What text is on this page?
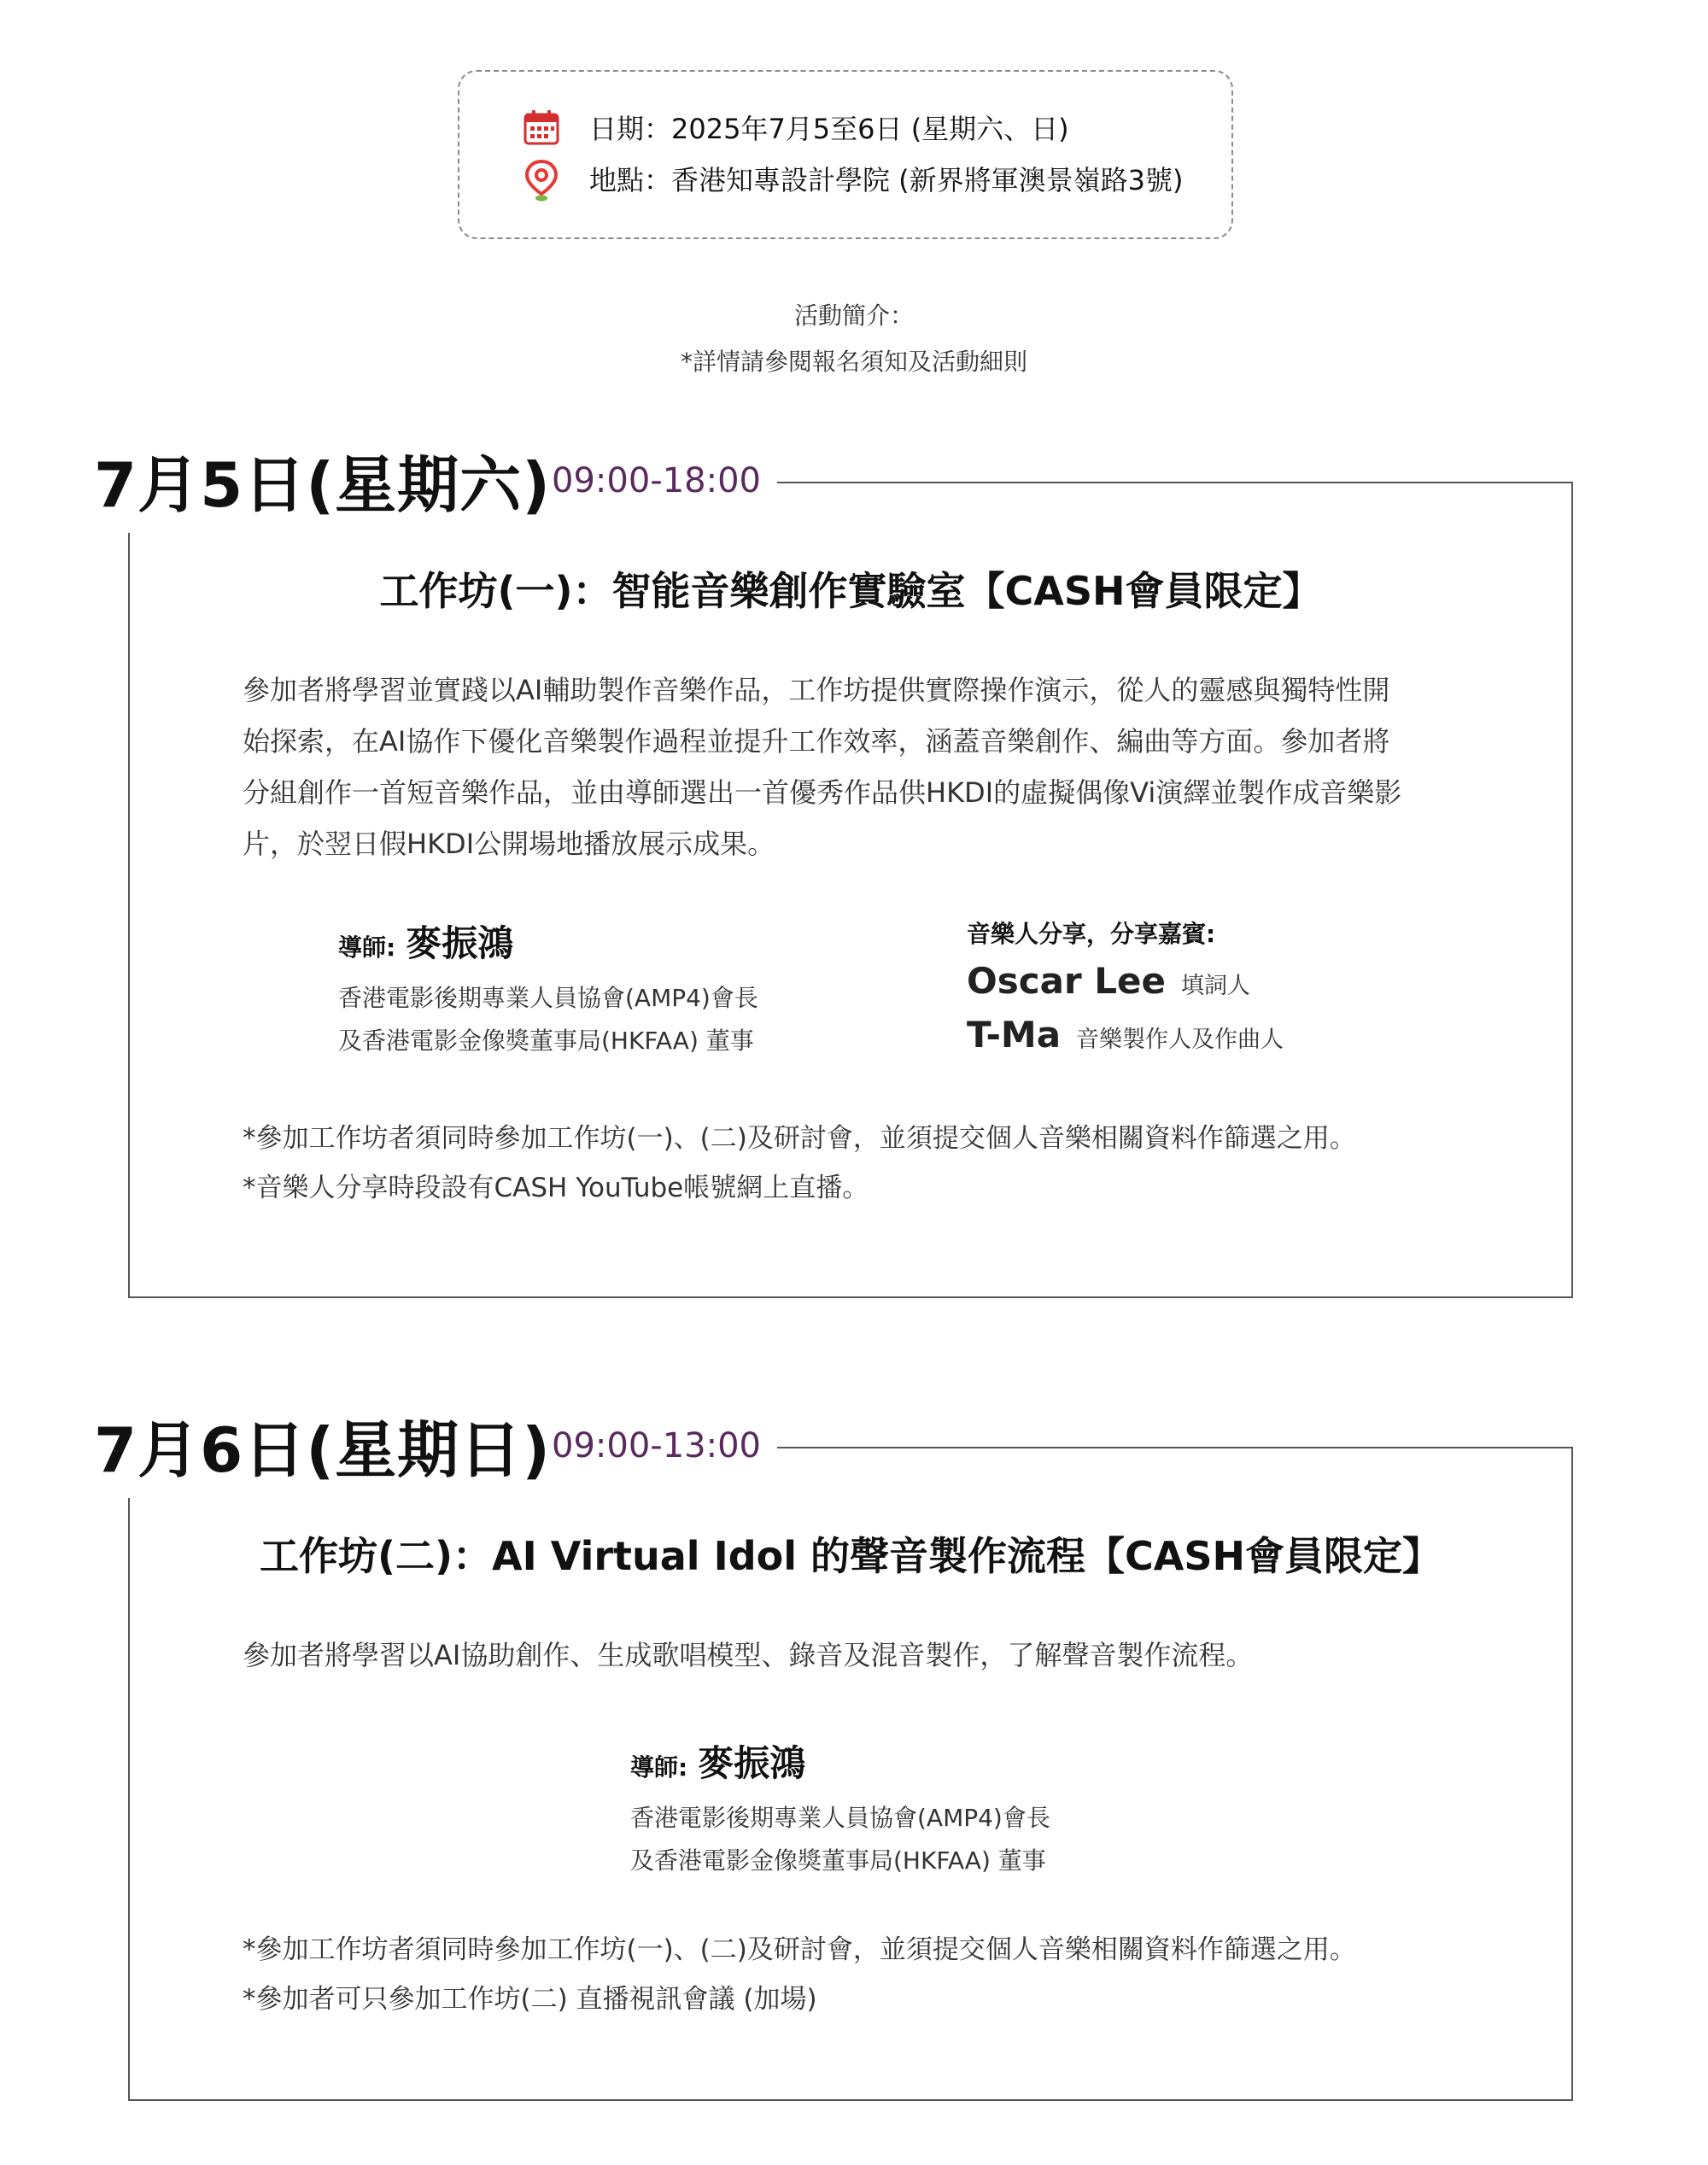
日期：2025年7月5至6日 (星期六、日)
地點：香港知專設計學院 (新界將軍澳景嶺路3號)
活動簡介：
*詳情請參閱報名須知及活動細則
7月5日(星期六) 09:00-18:00
工作坊(一)：智能音樂創作實驗室【CASH會員限定】

參加者將學習並實踐以AI輔助製作音樂作品，工作坊提供實際操作演示，從人的靈感與獨特性開

始探索，在AI協作下優化音樂製作過程並提升工作效率，涵蓋音樂創作、編曲等方面。參加者將

分組創作一首短音樂作品，並由導師選出一首優秀作品供HKDI的虛擬偶像Vi演繹並製作成音樂影

片，於翌日假HKDI公開場地播放展示成果。

導師: 麥振鴻
香港電影後期專業人員協會(AMP4)會長
及香港電影金像獎董事局(HKFAA) 董事
音樂人分享，分享嘉賓:
Oscar Lee 填詞人
T-Ma 音樂製作人及作曲人

*參加工作坊者須同時參加工作坊(一)、(二)及研討會，並須提交個人音樂相關資料作篩選之用。

*音樂人分享時段設有CASH YouTube帳號網上直播。

7月6日(星期日) 09:00-13:00
工作坊(二)：AI Virtual Idol 的聲音製作流程【CASH會員限定】

參加者將學習以AI協助創作、生成歌唱模型、錄音及混音製作，了解聲音製作流程。

導師: 麥振鴻
香港電影後期專業人員協會(AMP4)會長
及香港電影金像獎董事局(HKFAA) 董事

*參加工作坊者須同時參加工作坊(一)、(二)及研討會，並須提交個人音樂相關資料作篩選之用。

*參加者可只參加工作坊(二) 直播視訊會議 (加場)
